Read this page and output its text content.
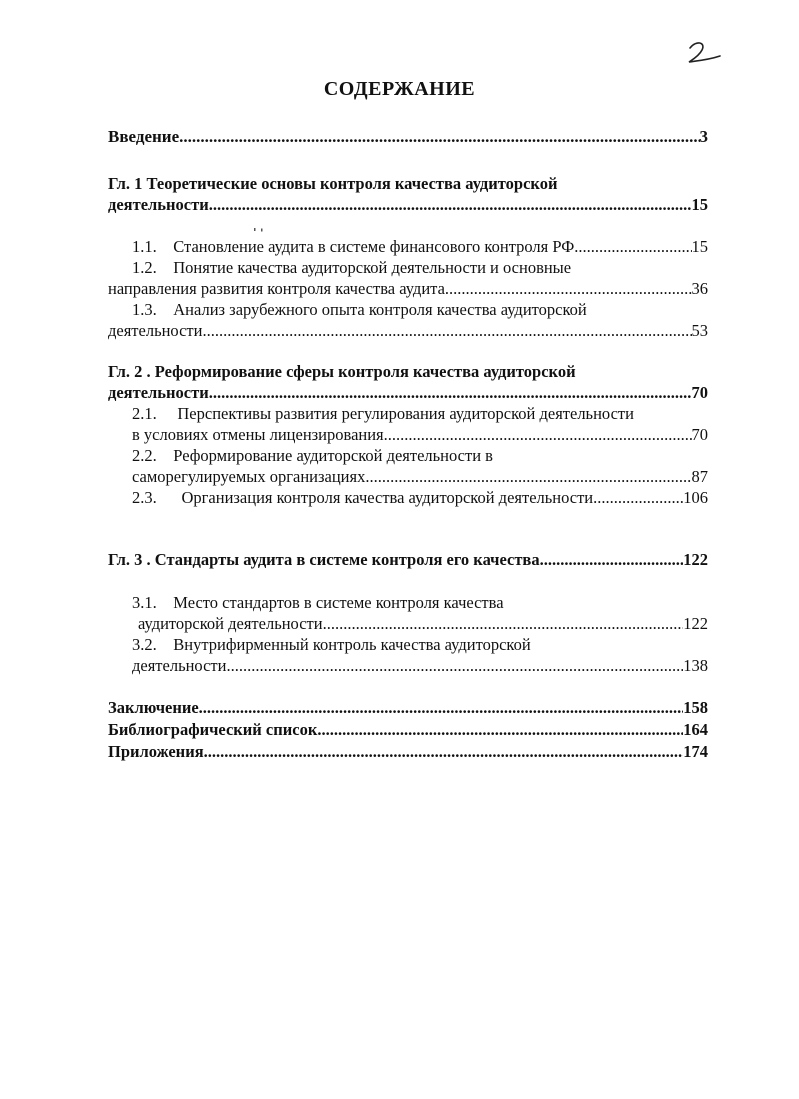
СОДЕРЖАНИЕ
Введение .....	3
Гл. 1 Теоретические основы контроля качества аудиторской
деятельности .....	15
1.1. Становление аудита в системе финансового контроля РФ .....	15
1.2. Понятие качества аудиторской деятельности и основные
направления развития контроля качества аудита .....	36
1.3. Анализ зарубежного опыта контроля качества аудиторской
деятельности .....	53
Гл. 2 . Реформирование сферы контроля качества аудиторской
деятельности .....	70
2.1. Перспективы развития регулирования аудиторской деятельности
в условиях отмены лицензирования .....	70
2.2. Реформирование аудиторской деятельности в
саморегулируемых организациях .....	87
2.3. Организация контроля качества аудиторской деятельности .....	106
Гл. 3 . Стандарты аудита в системе контроля его качества .....	122
3.1. Место стандартов в системе контроля качества
аудиторской деятельности .....	122
3.2. Внутрифирменный контроль качества аудиторской
деятельности .....	138
Заключение .....	158
Библиографический список .....	164
Приложения .....	174
